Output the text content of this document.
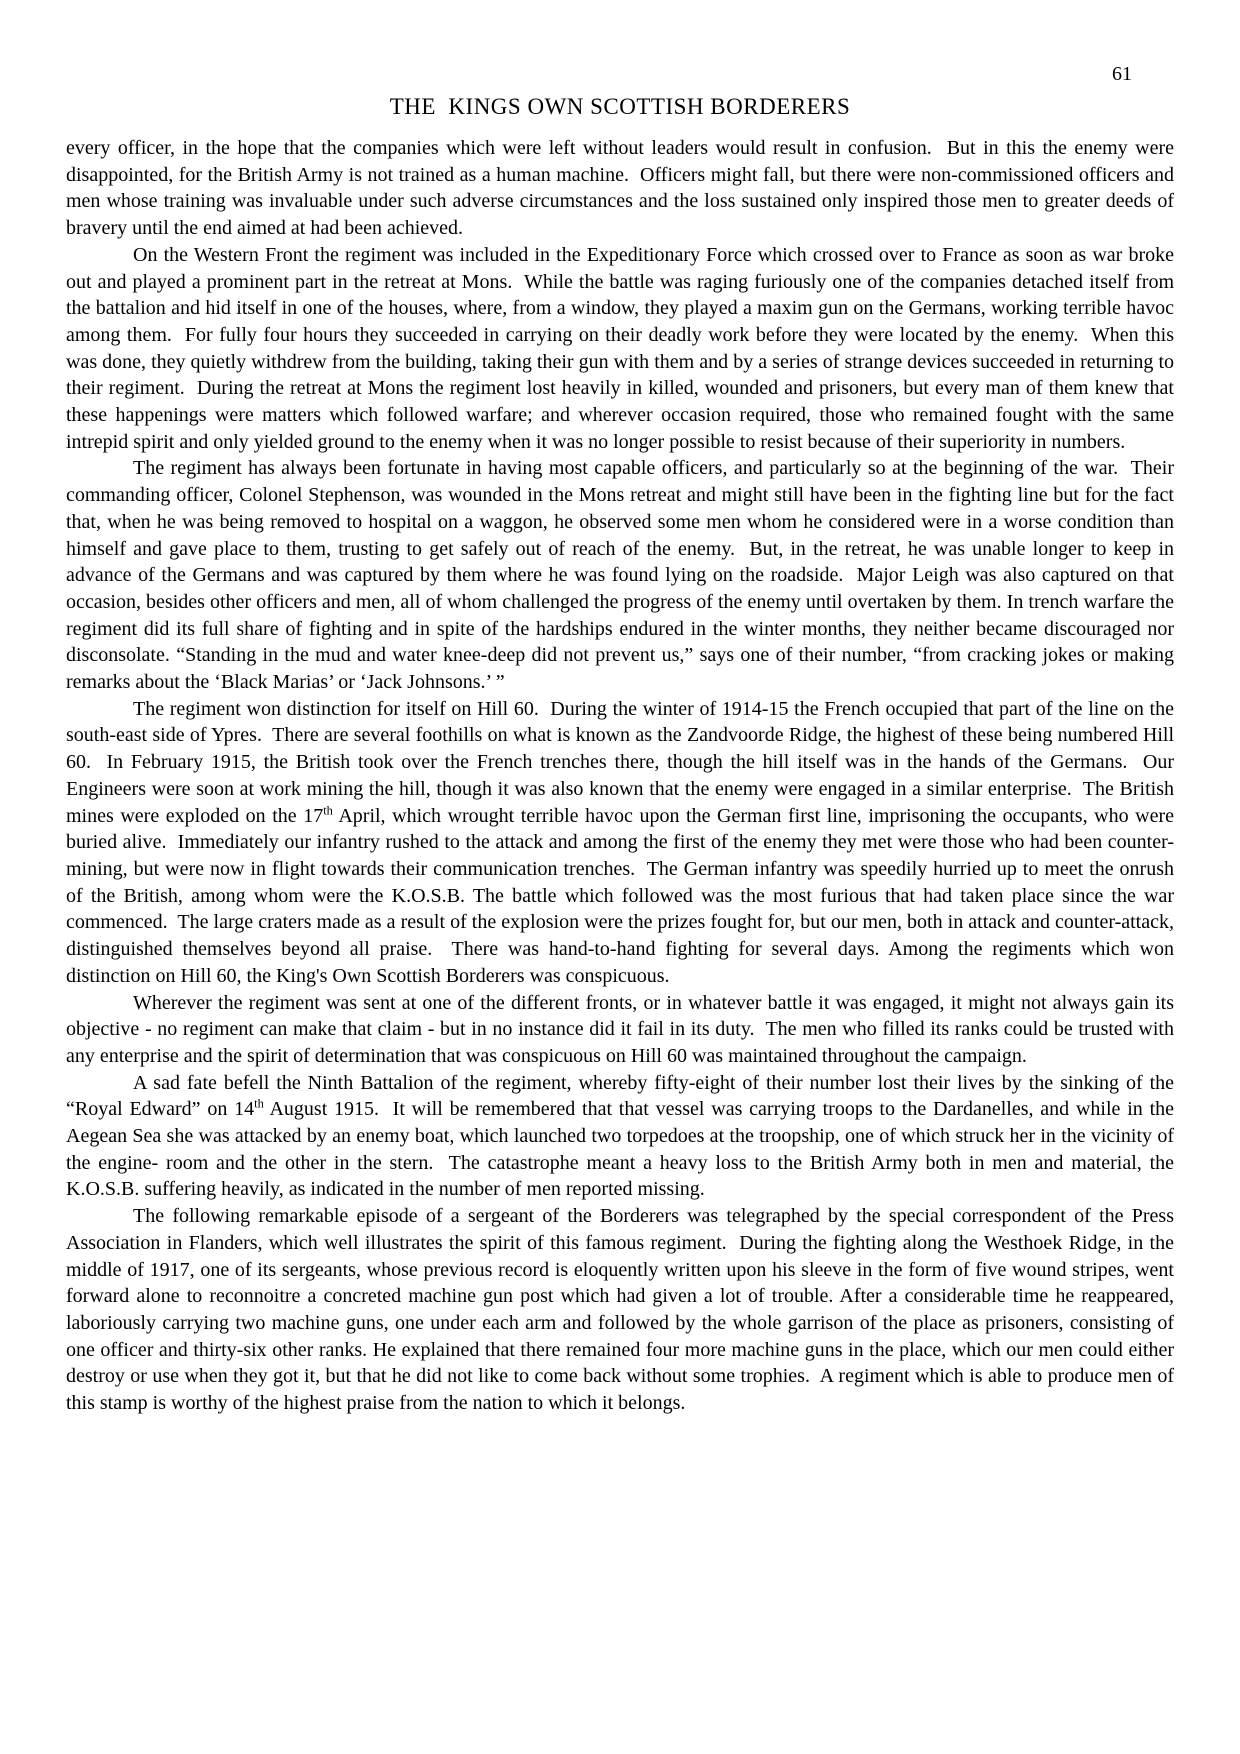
61
THE  KINGS OWN SCOTTISH BORDERERS

every officer, in the hope that the companies which were left without leaders would result in confusion.  But in this the enemy were disappointed, for the British Army is not trained as a human machine.  Officers might fall, but there were non-commissioned officers and men whose training was invaluable under such adverse circumstances and the loss sustained only inspired those men to greater deeds of bravery until the end aimed at had been achieved.

On the Western Front the regiment was included in the Expeditionary Force which crossed over to France as soon as war broke out and played a prominent part in the retreat at Mons.  While the battle was raging furiously one of the companies detached itself from the battalion and hid itself in one of the houses, where, from a window, they played a maxim gun on the Germans, working terrible havoc among them.  For fully four hours they succeeded in carrying on their deadly work before they were located by the enemy.  When this was done, they quietly withdrew from the building, taking their gun with them and by a series of strange devices succeeded in returning to their regiment.  During the retreat at Mons the regiment lost heavily in killed, wounded and prisoners, but every man of them knew that these happenings were matters which followed warfare; and wherever occasion required, those who remained fought with the same intrepid spirit and only yielded ground to the enemy when it was no longer possible to resist because of their superiority in numbers.

The regiment has always been fortunate in having most capable officers, and particularly so at the beginning of the war.  Their commanding officer, Colonel Stephenson, was wounded in the Mons retreat and might still have been in the fighting line but for the fact that, when he was being removed to hospital on a waggon, he observed some men whom he considered were in a worse condition than himself and gave place to them, trusting to get safely out of reach of the enemy.  But, in the retreat, he was unable longer to keep in advance of the Germans and was captured by them where he was found lying on the roadside.  Major Leigh was also captured on that occasion, besides other officers and men, all of whom challenged the progress of the enemy until overtaken by them. In trench warfare the regiment did its full share of fighting and in spite of the hardships endured in the winter months, they neither became discouraged nor disconsolate. “Standing in the mud and water knee-deep did not prevent us,” says one of their number, “from cracking jokes or making remarks about the ‘Black Marias’ or ‘Jack Johnsons.’ ”

The regiment won distinction for itself on Hill 60.  During the winter of 1914-15 the French occupied that part of the line on the south-east side of Ypres.  There are several foothills on what is known as the Zandvoorde Ridge, the highest of these being numbered Hill 60.  In February 1915, the British took over the French trenches there, though the hill itself was in the hands of the Germans.  Our Engineers were soon at work mining the hill, though it was also known that the enemy were engaged in a similar enterprise.  The British mines were exploded on the 17th April, which wrought terrible havoc upon the German first line, imprisoning the occupants, who were buried alive.  Immediately our infantry rushed to the attack and among the first of the enemy they met were those who had been counter-mining, but were now in flight towards their communication trenches.  The German infantry was speedily hurried up to meet the onrush of the British, among whom were the K.O.S.B. The battle which followed was the most furious that had taken place since the war commenced.  The large craters made as a result of the explosion were the prizes fought for, but our men, both in attack and counter-attack, distinguished themselves beyond all praise.  There was hand-to-hand fighting for several days. Among the regiments which won distinction on Hill 60, the King's Own Scottish Borderers was conspicuous.

Wherever the regiment was sent at one of the different fronts, or in whatever battle it was engaged, it might not always gain its objective - no regiment can make that claim - but in no instance did it fail in its duty.  The men who filled its ranks could be trusted with any enterprise and the spirit of determination that was conspicuous on Hill 60 was maintained throughout the campaign.

A sad fate befell the Ninth Battalion of the regiment, whereby fifty-eight of their number lost their lives by the sinking of the “Royal Edward” on 14th August 1915.  It will be remembered that that vessel was carrying troops to the Dardanelles, and while in the Aegean Sea she was attacked by an enemy boat, which launched two torpedoes at the troopship, one of which struck her in the vicinity of the engine- room and the other in the stern.  The catastrophe meant a heavy loss to the British Army both in men and material, the K.O.S.B. suffering heavily, as indicated in the number of men reported missing.

The following remarkable episode of a sergeant of the Borderers was telegraphed by the special correspondent of the Press Association in Flanders, which well illustrates the spirit of this famous regiment.  During the fighting along the Westhoek Ridge, in the middle of 1917, one of its sergeants, whose previous record is eloquently written upon his sleeve in the form of five wound stripes, went forward alone to reconnoitre a concreted machine gun post which had given a lot of trouble. After a considerable time he reappeared, laboriously carrying two machine guns, one under each arm and followed by the whole garrison of the place as prisoners, consisting of one officer and thirty-six other ranks. He explained that there remained four more machine guns in the place, which our men could either destroy or use when they got it, but that he did not like to come back without some trophies.  A regiment which is able to produce men of this stamp is worthy of the highest praise from the nation to which it belongs.
